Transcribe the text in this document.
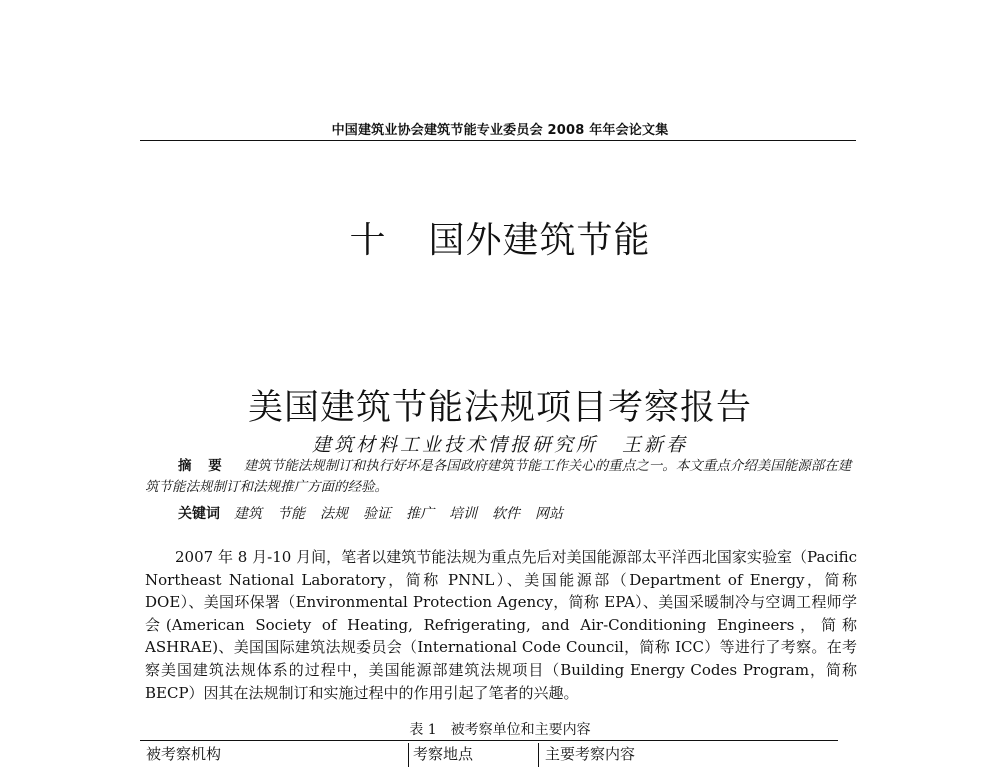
中国建筑业协会建筑节能专业委员会 2008 年年会论文集
十 国外建筑节能
美国建筑节能法规项目考察报告
建筑材料工业技术情报研究所 王新春
摘 要 建筑节能法规制订和执行好坏是各国政府建筑节能工作关心的重点之一。本文重点介绍美国能源部在建筑节能法规制订和法规推广方面的经验。
关键词 建筑 节能 法规 验证 推广 培训 软件 网站
2007 年 8 月-10 月间，笔者以建筑节能法规为重点先后对美国能源部太平洋西北国家实验室（Pacific Northeast National Laboratory，简称 PNNL）、美国能源部（Department of Energy，简称 DOE）、美国环保署（Environmental Protection Agency，简称 EPA）、美国采暖制冷与空调工程师学会(American Society of Heating, Refrigerating, and Air-Conditioning Engineers，简称 ASHRAE)、美国国际建筑法规委员会（International Code Council，简称 ICC）等进行了考察。在考察美国建筑法规体系的过程中，美国能源部建筑法规项目（Building Energy Codes Program，简称 BECP）因其在法规制订和实施过程中的作用引起了笔者的兴趣。
表 1　被考察单位和主要内容
被考察机构	考察地点	主要考察内容
